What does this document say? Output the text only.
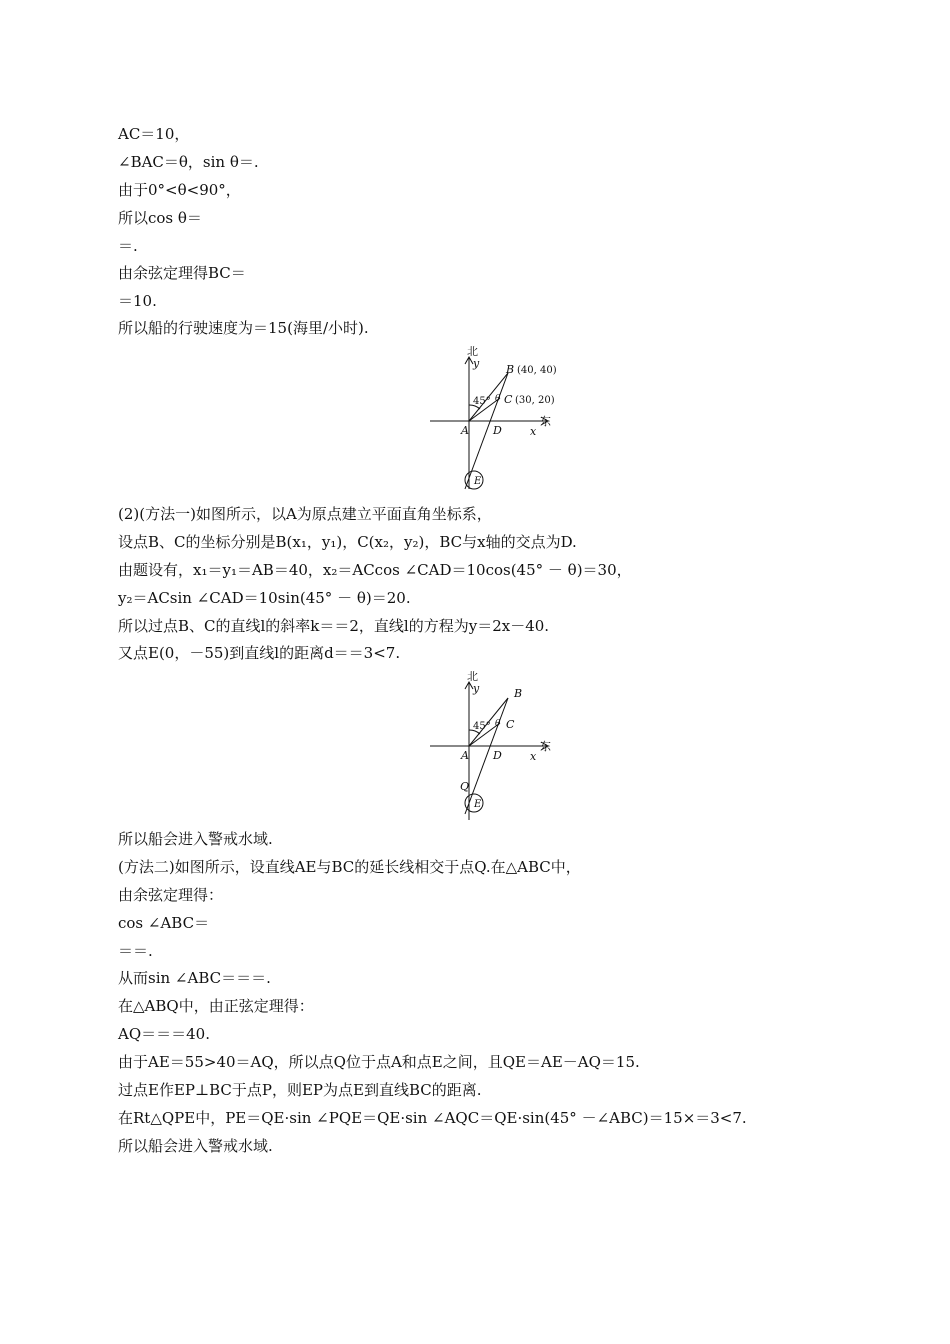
AC＝10，
∠BAC＝θ，sin θ＝.
由于0°<θ<90°，
所以cos θ＝
＝.
由余弦定理得BC＝
＝10.
所以船的行驶速度为＝15(海里/小时).
北
y
x
东
B (40, 40)
C (30, 20)
45° θ
A D
E
(2)(方法一)如图所示，以A为原点建立平面直角坐标系，
设点B、C的坐标分别是B(x₁，y₁)，C(x₂，y₂)，BC与x轴的交点为D.
由题设有，x₁＝y₁＝AB＝40，x₂＝ACcos ∠CAD＝10cos(45° － θ)＝30，
y₂＝ACsin ∠CAD＝10sin(45° － θ)＝20.
所以过点B、C的直线l的斜率k＝＝2，直线l的方程为y＝2x－40.
又点E(0，－55)到直线l的距离d＝＝3<7.
北
y
x
东
B
C
45° θ
A D
Q
E
所以船会进入警戒水域.
(方法二)如图所示，设直线AE与BC的延长线相交于点Q.在△ABC中，
由余弦定理得：
cos ∠ABC＝
＝＝.
从而sin ∠ABC＝＝＝.
在△ABQ中，由正弦定理得：
AQ＝＝＝40.
由于AE＝55>40＝AQ，所以点Q位于点A和点E之间，且QE＝AE－AQ＝15.
过点E作EP⊥BC于点P，则EP为点E到直线BC的距离.
在Rt△QPE中，PE＝QE·sin ∠PQE＝QE·sin ∠AQC＝QE·sin(45° －∠ABC)＝15×＝3<7.
所以船会进入警戒水域.
